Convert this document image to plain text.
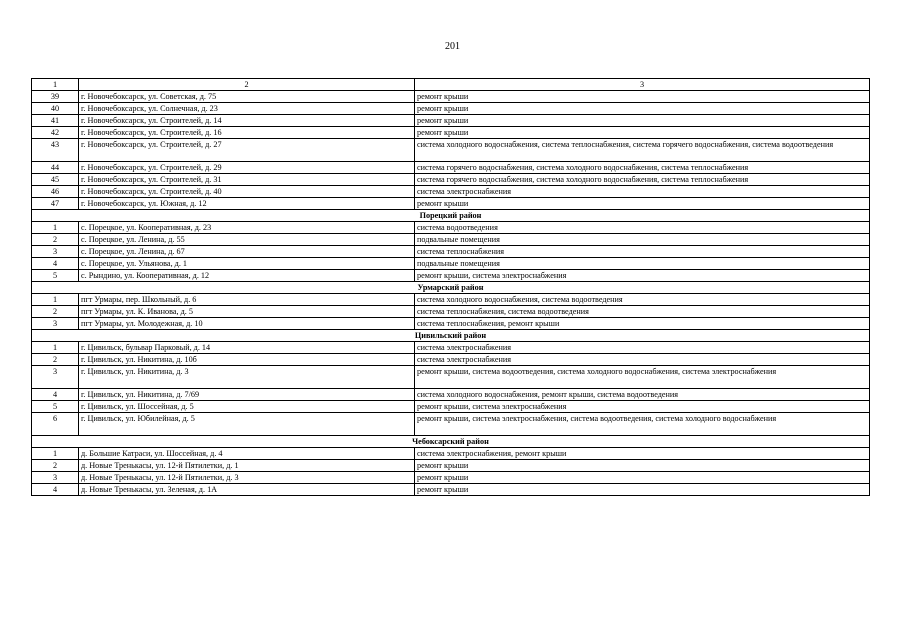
201
1	2	3
39	г. Новочебоксарск, ул. Советская, д. 75	ремонт крыши
40	г. Новочебоксарск, ул. Солнечная, д. 23	ремонт крыши
41	г. Новочебоксарск, ул. Строителей, д. 14	ремонт крыши
42	г. Новочебоксарск, ул. Строителей, д. 16	ремонт крыши
43	г. Новочебоксарск, ул. Строителей, д. 27	система холодного водоснабжения, система теплоснабжения, система горячего водоснабжения, система водоотведения
44	г. Новочебоксарск, ул. Строителей, д. 29	система горячего водоснабжения, система холодного водоснабжения, система теплоснабжения
45	г. Новочебоксарск, ул. Строителей, д. 31	система горячего водоснабжения, система холодного водоснабжения, система теплоснабжения
46	г. Новочебоксарск, ул. Строителей, д. 40	система электроснабжения
47	г. Новочебоксарск, ул. Южная, д. 12	ремонт крыши
Порецкий район		
1	с. Порецкое, ул. Кооперативная, д. 23	система водоотведения
2	с. Порецкое, ул. Ленина, д. 55	подвальные помещения
3	с. Порецкое, ул. Ленина, д. 67	система теплоснабжения
4	с. Порецкое, ул. Ульянова, д. 1	подвальные помещения
5	с. Рындино, ул. Кооперативная, д. 12	ремонт крыши, система электроснабжения
Урмарский район		
1	пгт Урмары, пер. Школьный, д. 6	система холодного водоснабжения, система водоотведения
2	пгт Урмары, ул. К. Иванова, д. 5	система теплоснабжения, система водоотведения
3	пгт Урмары, ул. Молодежная, д. 10	система теплоснабжения, ремонт крыши
Цивильский район		
1	г. Цивильск, бульвар Парковый, д. 14	система электроснабжения
2	г. Цивильск, ул. Никитина, д. 10б	система электроснабжения
3	г. Цивильск, ул. Никитина, д. 3	ремонт крыши, система водоотведения, система холодного водоснабжения, система электроснабжения
4	г. Цивильск, ул. Никитина, д. 7/69	система холодного водоснабжения, ремонт крыши, система водоотведения
5	г. Цивильск, ул. Шоссейная, д. 5	ремонт крыши, система электроснабжения
6	г. Цивильск, ул. Юбилейная, д. 5	ремонт крыши, система электроснабжения, система водоотведения, система холодного водоснабжения
Чебоксарский район		
1	д. Большие Катраси, ул. Шоссейная, д. 4	система электроснабжения, ремонт крыши
2	д. Новые Тренькасы, ул. 12-й Пятилетки, д. 1	ремонт крыши
3	д. Новые Тренькасы, ул. 12-й Пятилетки, д. 3	ремонт крыши
4	д. Новые Тренькасы, ул. Зеленая, д. 1А	ремонт крыши
